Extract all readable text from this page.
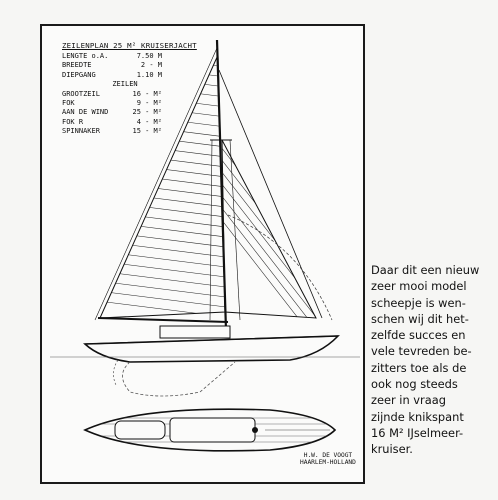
ZEILENPLAN 25 M² KRUISERJACHT
LENGTE o.A.	7.50 M
BREEDTE	2 - M
DIEPGANG	1.10 M
ZEILEN
GROOTZEIL	16 - M²
FOK	9 - M²
AAN DE WIND	25 - M²
FOK R	4 - M²
SPINNAKER	15 - M²
H.W. DE VOOGT
HAARLEM-HOLLAND
Daar dit een nieuw
zeer mooi model
scheepje is wen-
schen wij dit het-
zelfde succes en
vele tevreden be-
zitters toe als de
ook nog steeds
zeer in vraag
zijnde knikspant
16 M² IJselmeer-
kruiser.
